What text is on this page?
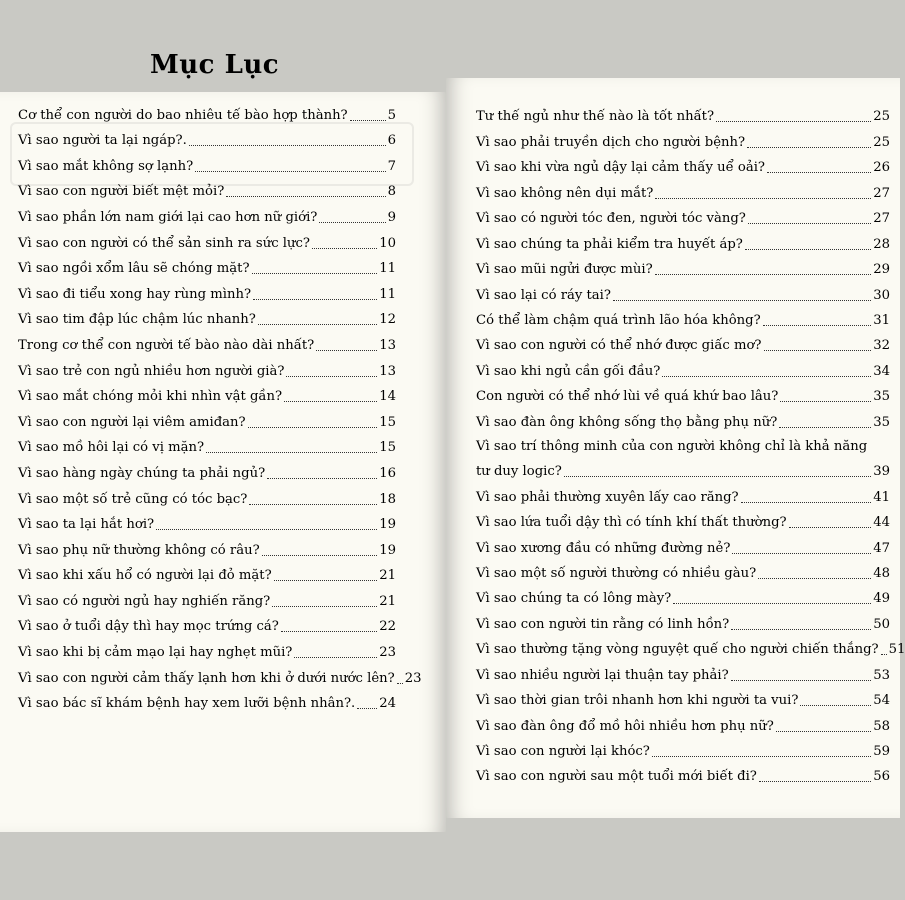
Mục Lục
Cơ thể con người do bao nhiêu tế bào hợp thành?	5
Vì sao người ta lại ngáp?.	6
Vì sao mắt không sợ lạnh?	7
Vì sao con người biết mệt mỏi?	8
Vì sao phần lớn nam giới lại cao hơn nữ giới?	9
Vì sao con người có thể sản sinh ra sức lực?	10
Vì sao ngồi xổm lâu sẽ chóng mặt?	11
Vì sao đi tiểu xong hay rùng mình?	11
Vì sao tim đập lúc chậm lúc nhanh?	12
Trong cơ thể con người tế bào nào dài nhất?	13
Vì sao trẻ con ngủ nhiều hơn người già?	13
Vì sao mắt chóng mỏi khi nhìn vật gần?	14
Vì sao con người lại viêm amiđan?	15
Vì sao mồ hôi lại có vị mặn?	15
Vì sao hàng ngày chúng ta phải ngủ?	16
Vì sao một số trẻ cũng có tóc bạc?	18
Vì sao ta lại hắt hơi?	19
Vì sao phụ nữ thường không có râu?	19
Vì sao khi xấu hổ có người lại đỏ mặt?	21
Vì sao có người ngủ hay nghiến răng?	21
Vì sao ở tuổi dậy thì hay mọc trứng cá?	22
Vì sao khi bị cảm mạo lại hay nghẹt mũi?	23
Vì sao con người cảm thấy lạnh hơn khi ở dưới nước lên? 23
Vì sao bác sĩ khám bệnh hay xem lưỡi bệnh nhân?. 24
Tư thế ngủ như thế nào là tốt nhất?	25
Vì sao phải truyền dịch cho người bệnh?	25
Vì sao khi vừa ngủ dậy lại cảm thấy uể oải?	26
Vì sao không nên dụi mắt?	27
Vì sao có người tóc đen, người tóc vàng?	27
Vì sao chúng ta phải kiểm tra huyết áp?	28
Vì sao mũi ngửi được mùi?	29
Vì sao lại có ráy tai?	30
Có thể làm chậm quá trình lão hóa không?	31
Vì sao con người có thể nhớ được giấc mơ?	32
Vì sao khi ngủ cần gối đầu?	34
Con người có thể nhớ lùi về quá khứ bao lâu?	35
Vì sao đàn ông không sống thọ bằng phụ nữ?	35
Vì sao trí thông minh của con người không chỉ là khả năng
tư duy logic?	39
Vì sao phải thường xuyên lấy cao răng?	41
Vì sao lứa tuổi dậy thì có tính khí thất thường?	44
Vì sao xương đầu có những đường nẻ?	47
Vì sao một số người thường có nhiều gàu?	48
Vì sao chúng ta có lông mày?	49
Vì sao con người tin rằng có linh hồn?	50
Vì sao thường tặng vòng nguyệt quế cho người chiến thắng? 51
Vì sao nhiều người lại thuận tay phải?	53
Vì sao thời gian trôi nhanh hơn khi người ta vui?	54
Vì sao đàn ông đổ mồ hôi nhiều hơn phụ nữ?	58
Vì sao con người lại khóc?	59
Vì sao con người sau một tuổi mới biết đi?	56
